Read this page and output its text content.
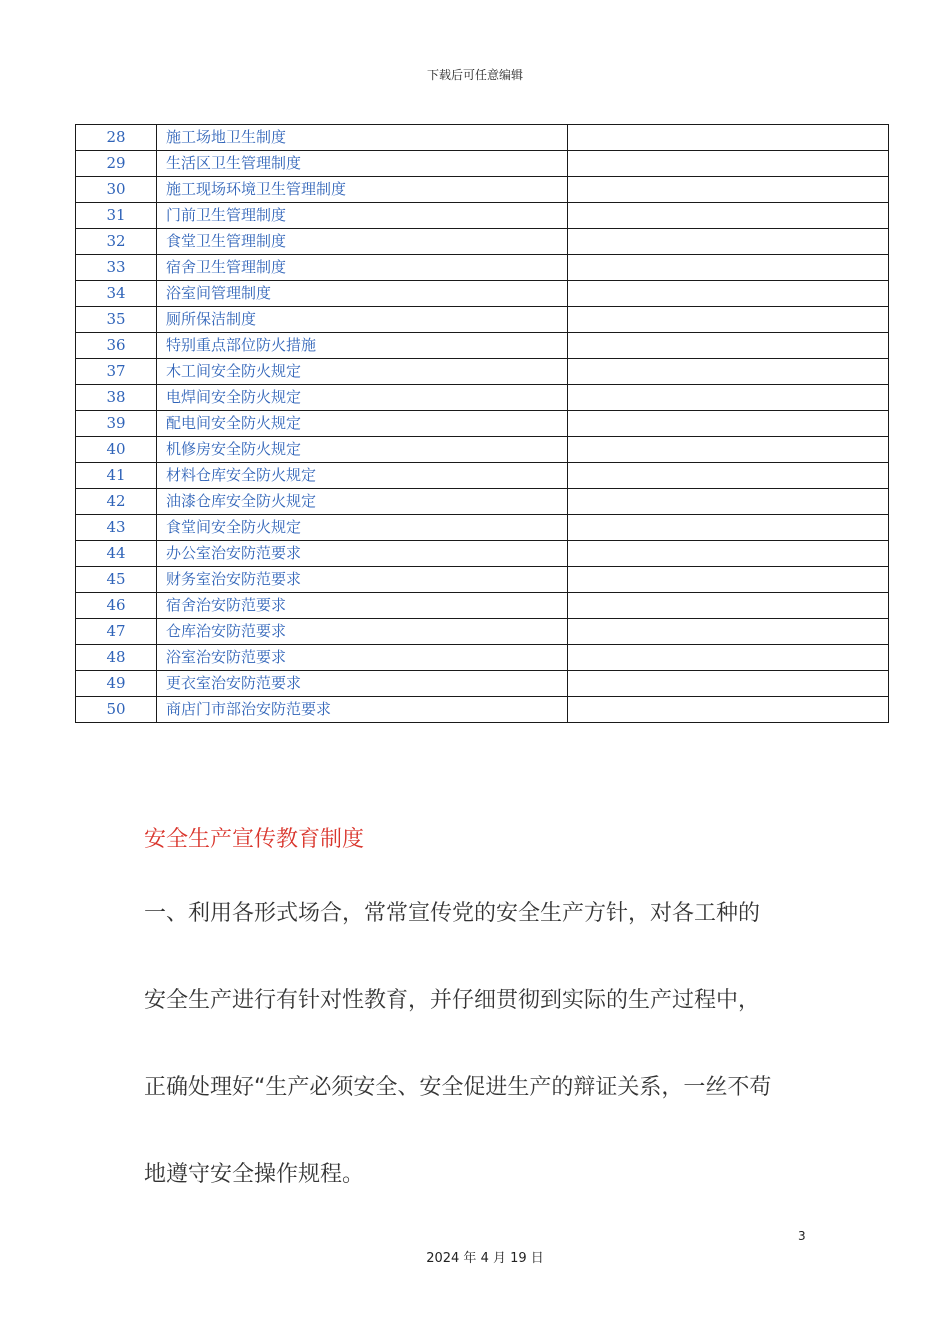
下载后可任意编辑
28	施工场地卫生制度	
29	生活区卫生管理制度	
30	施工现场环境卫生管理制度	
31	门前卫生管理制度	
32	食堂卫生管理制度	
33	宿舍卫生管理制度	
34	浴室间管理制度	
35	厕所保洁制度	
36	特别重点部位防火措施	
37	木工间安全防火规定	
38	电焊间安全防火规定	
39	配电间安全防火规定	
40	机修房安全防火规定	
41	材料仓库安全防火规定	
42	油漆仓库安全防火规定	
43	食堂间安全防火规定	
44	办公室治安防范要求	
45	财务室治安防范要求	
46	宿舍治安防范要求	
47	仓库治安防范要求	
48	浴室治安防范要求	
49	更衣室治安防范要求	
50	商店门市部治安防范要求	
安全生产宣传教育制度
一、利用各形式场合，常常宣传党的安全生产方针，对各工种的
安全生产进行有针对性教育，并仔细贯彻到实际的生产过程中，
正确处理好“生产必须安全、安全促进生产的辩证关系，一丝不苟
地遵守安全操作规程。
3
2024 年 4 月 19 日
